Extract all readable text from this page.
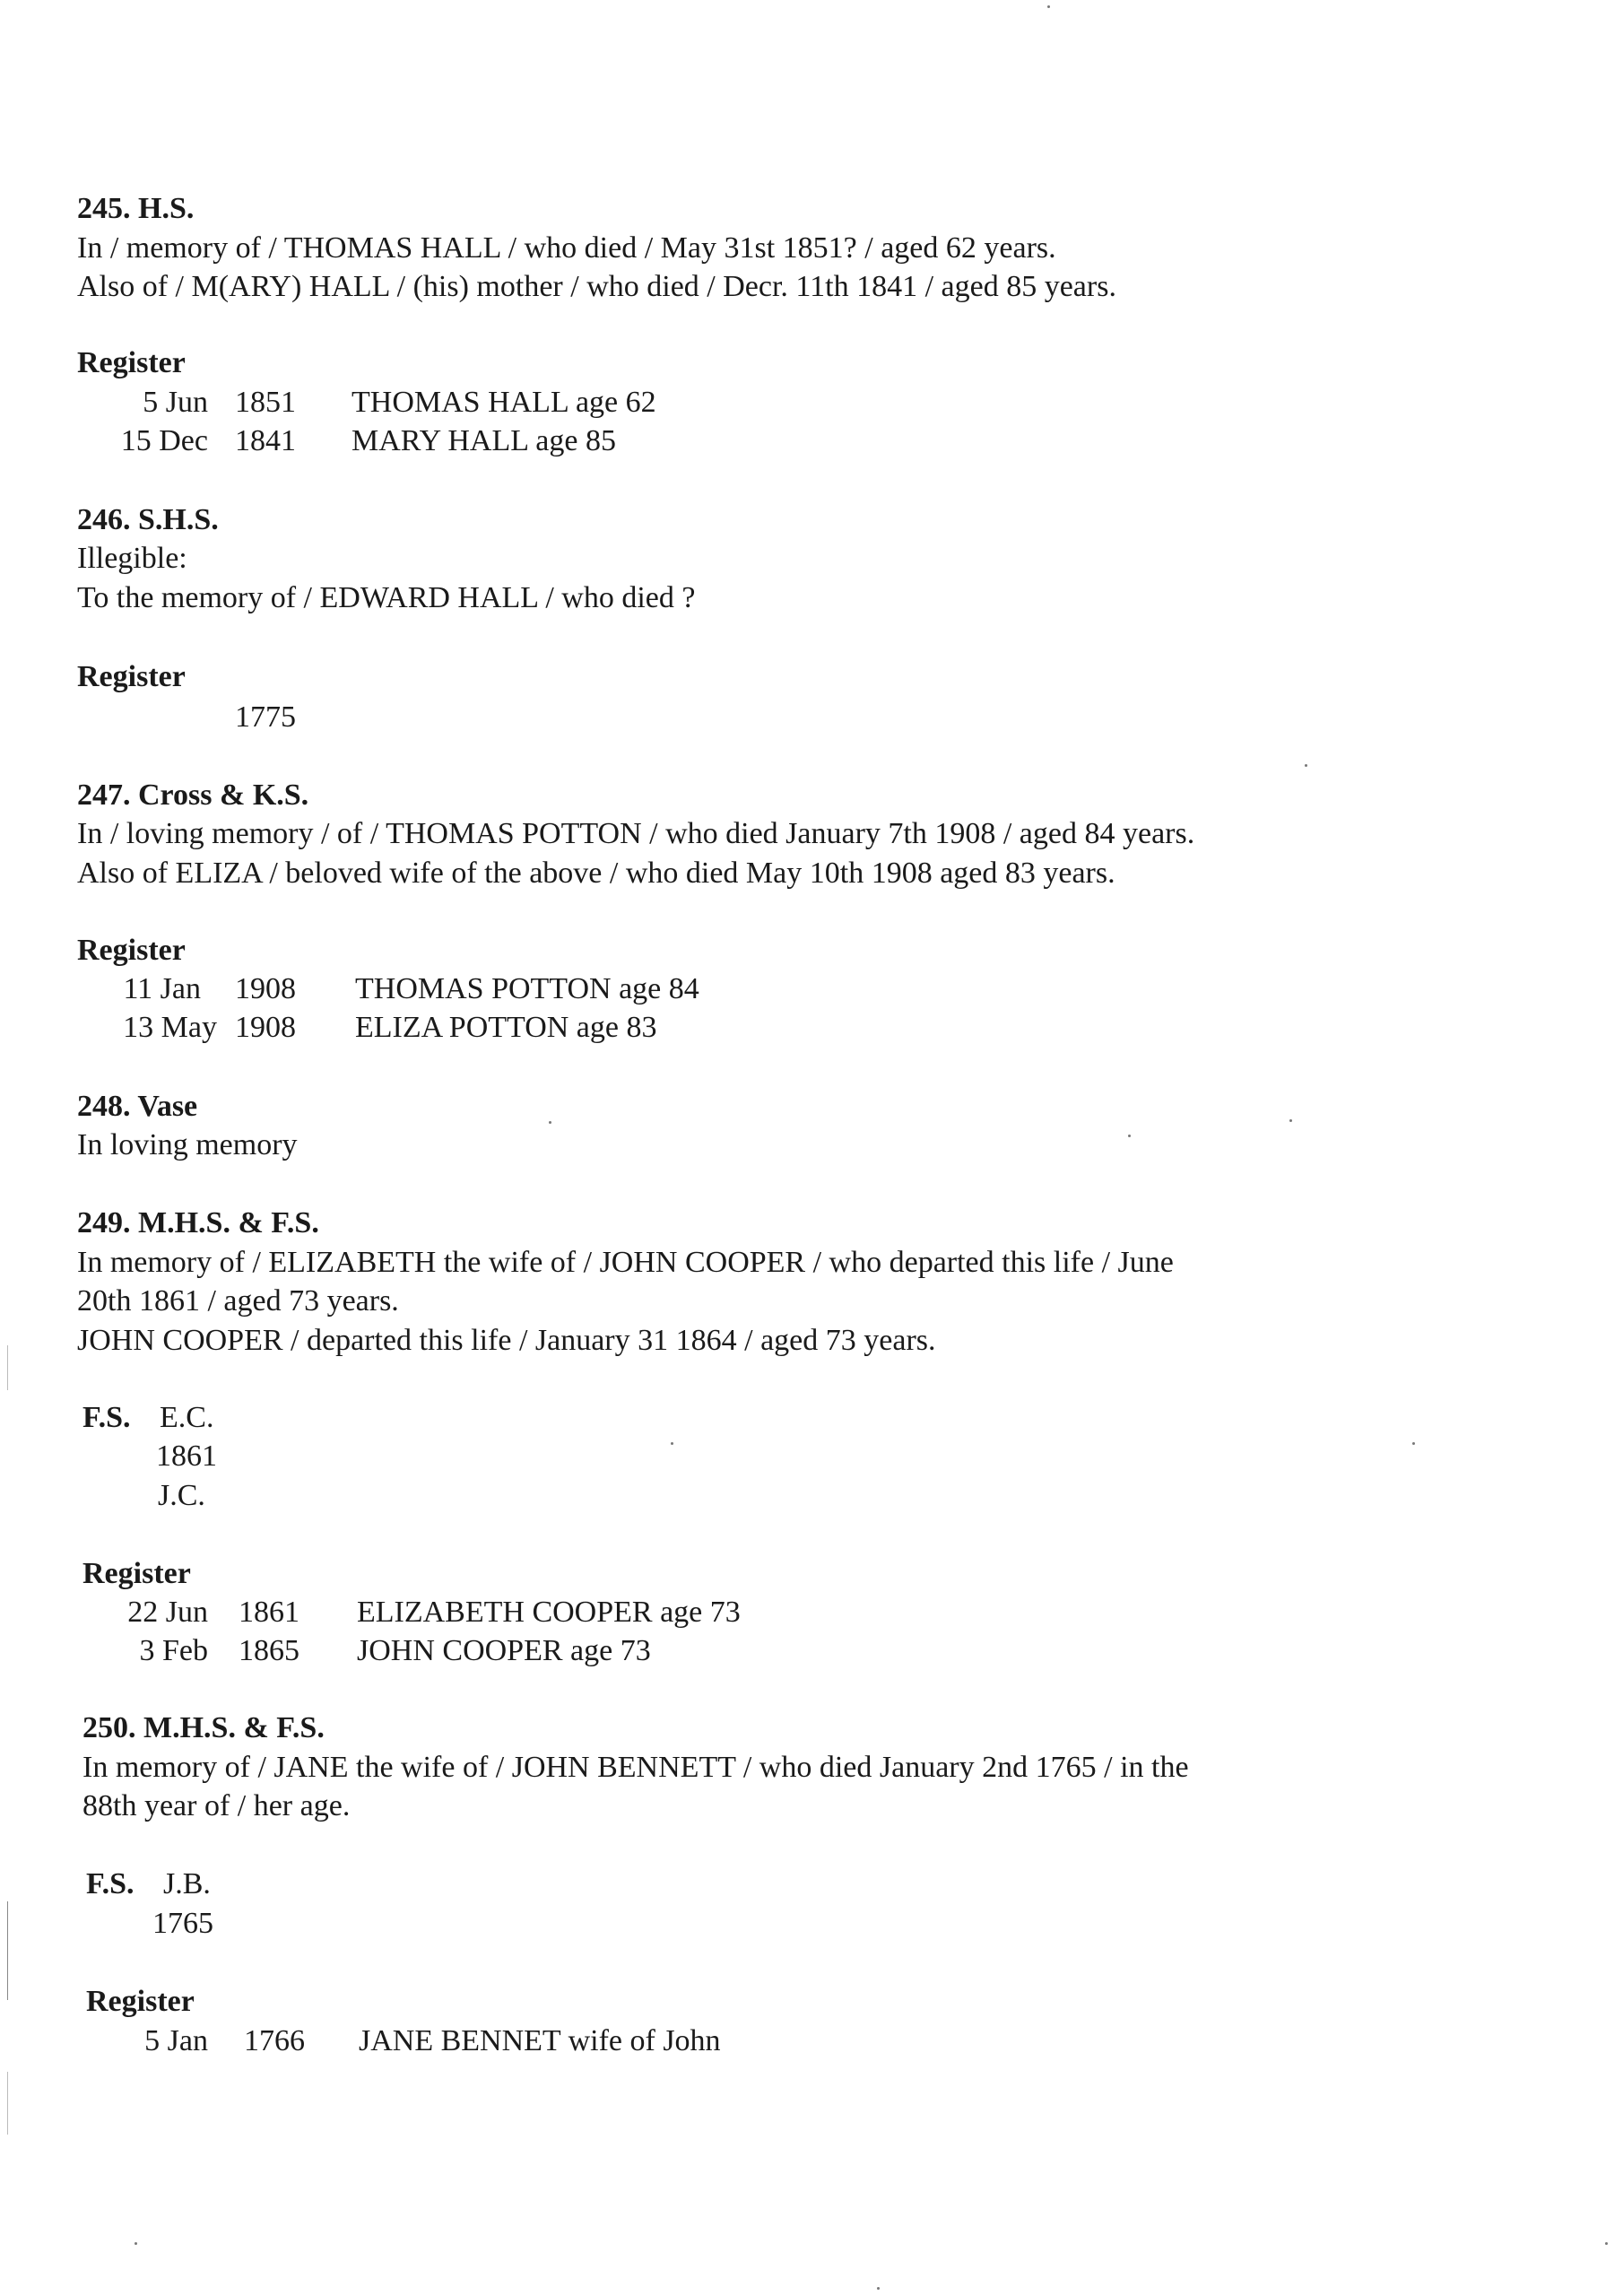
245. H.S.
In / memory of / THOMAS HALL / who died / May 31st 1851? / aged 62 years.
Also of / M(ARY) HALL / (his) mother / who died / Decr. 11th 1841 / aged 85 years.
Register
5 Jun 1851 THOMAS HALL age 62
15 Dec 1841 MARY HALL age 85
246. S.H.S.
Illegible:
To the memory of / EDWARD HALL / who died ?
Register
1775
247. Cross & K.S.
In / loving memory / of / THOMAS POTTON / who died January 7th 1908 / aged 84 years.
Also of ELIZA / beloved wife of the above / who died May 10th 1908 aged 83 years.
Register
11 Jan 1908 THOMAS POTTON age 84
13 May 1908 ELIZA POTTON age 83
248. Vase
In loving memory
249. M.H.S. & F.S.
In memory of / ELIZABETH the wife of / JOHN COOPER / who departed this life / June
20th 1861 / aged 73 years.
JOHN COOPER / departed this life / January 31 1864 / aged 73 years.
F.S. E.C.
1861
J.C.
Register
22 Jun 1861 ELIZABETH COOPER age 73
3 Feb 1865 JOHN COOPER age 73
250. M.H.S. & F.S.
In memory of / JANE the wife of / JOHN BENNETT / who died January 2nd 1765 / in the
88th year of / her age.
F.S. J.B.
1765
Register
5 Jan 1766 JANE BENNET wife of John
